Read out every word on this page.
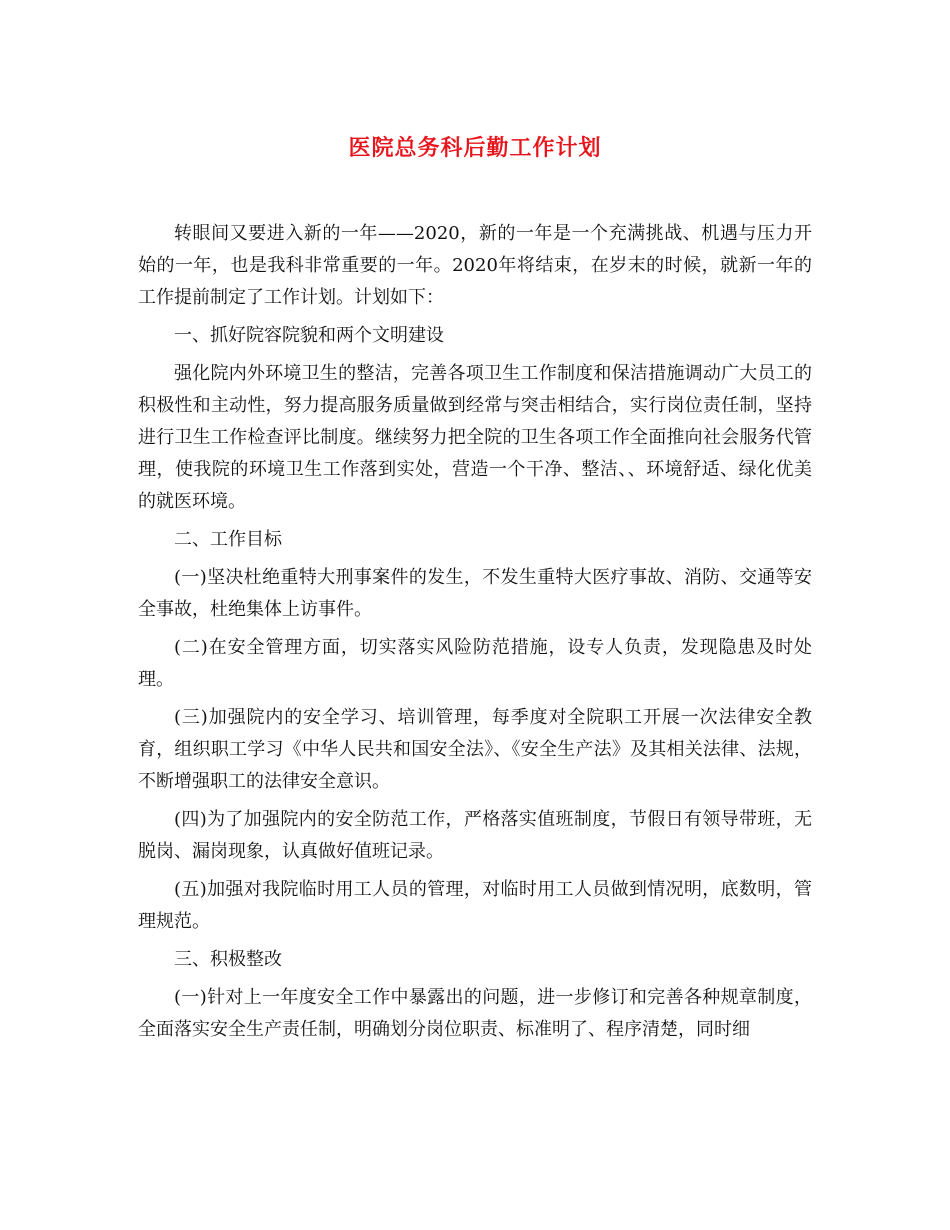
医院总务科后勤工作计划

转眼间又要进入新的一年——2020，新的一年是一个充满挑战、机遇与压力开始的一年，也是我科非常重要的一年。2020年将结束，在岁末的时候，就新一年的工作提前制定了工作计划。计划如下：

一、抓好院容院貌和两个文明建设

强化院内外环境卫生的整洁，完善各项卫生工作制度和保洁措施调动广大员工的积极性和主动性，努力提高服务质量做到经常与突击相结合，实行岗位责任制，坚持进行卫生工作检查评比制度。继续努力把全院的卫生各项工作全面推向社会服务代管理，使我院的环境卫生工作落到实处，营造一个干净、整洁、、环境舒适、绿化优美的就医环境。

二、工作目标

(一)坚决杜绝重特大刑事案件的发生，不发生重特大医疗事故、消防、交通等安全事故，杜绝集体上访事件。

(二)在安全管理方面，切实落实风险防范措施，设专人负责，发现隐患及时处理。

(三)加强院内的安全学习、培训管理，每季度对全院职工开展一次法律安全教育，组织职工学习《中华人民共和国安全法》、《安全生产法》及其相关法律、法规，不断增强职工的法律安全意识。

(四)为了加强院内的安全防范工作，严格落实值班制度，节假日有领导带班，无脱岗、漏岗现象，认真做好值班记录。

(五)加强对我院临时用工人员的管理，对临时用工人员做到情况明，底数明，管理规范。

三、积极整改

(一)针对上一年度安全工作中暴露出的问题，进一步修订和完善各种规章制度，全面落实安全生产责任制，明确划分岗位职责、标准明了、程序清楚，同时细
